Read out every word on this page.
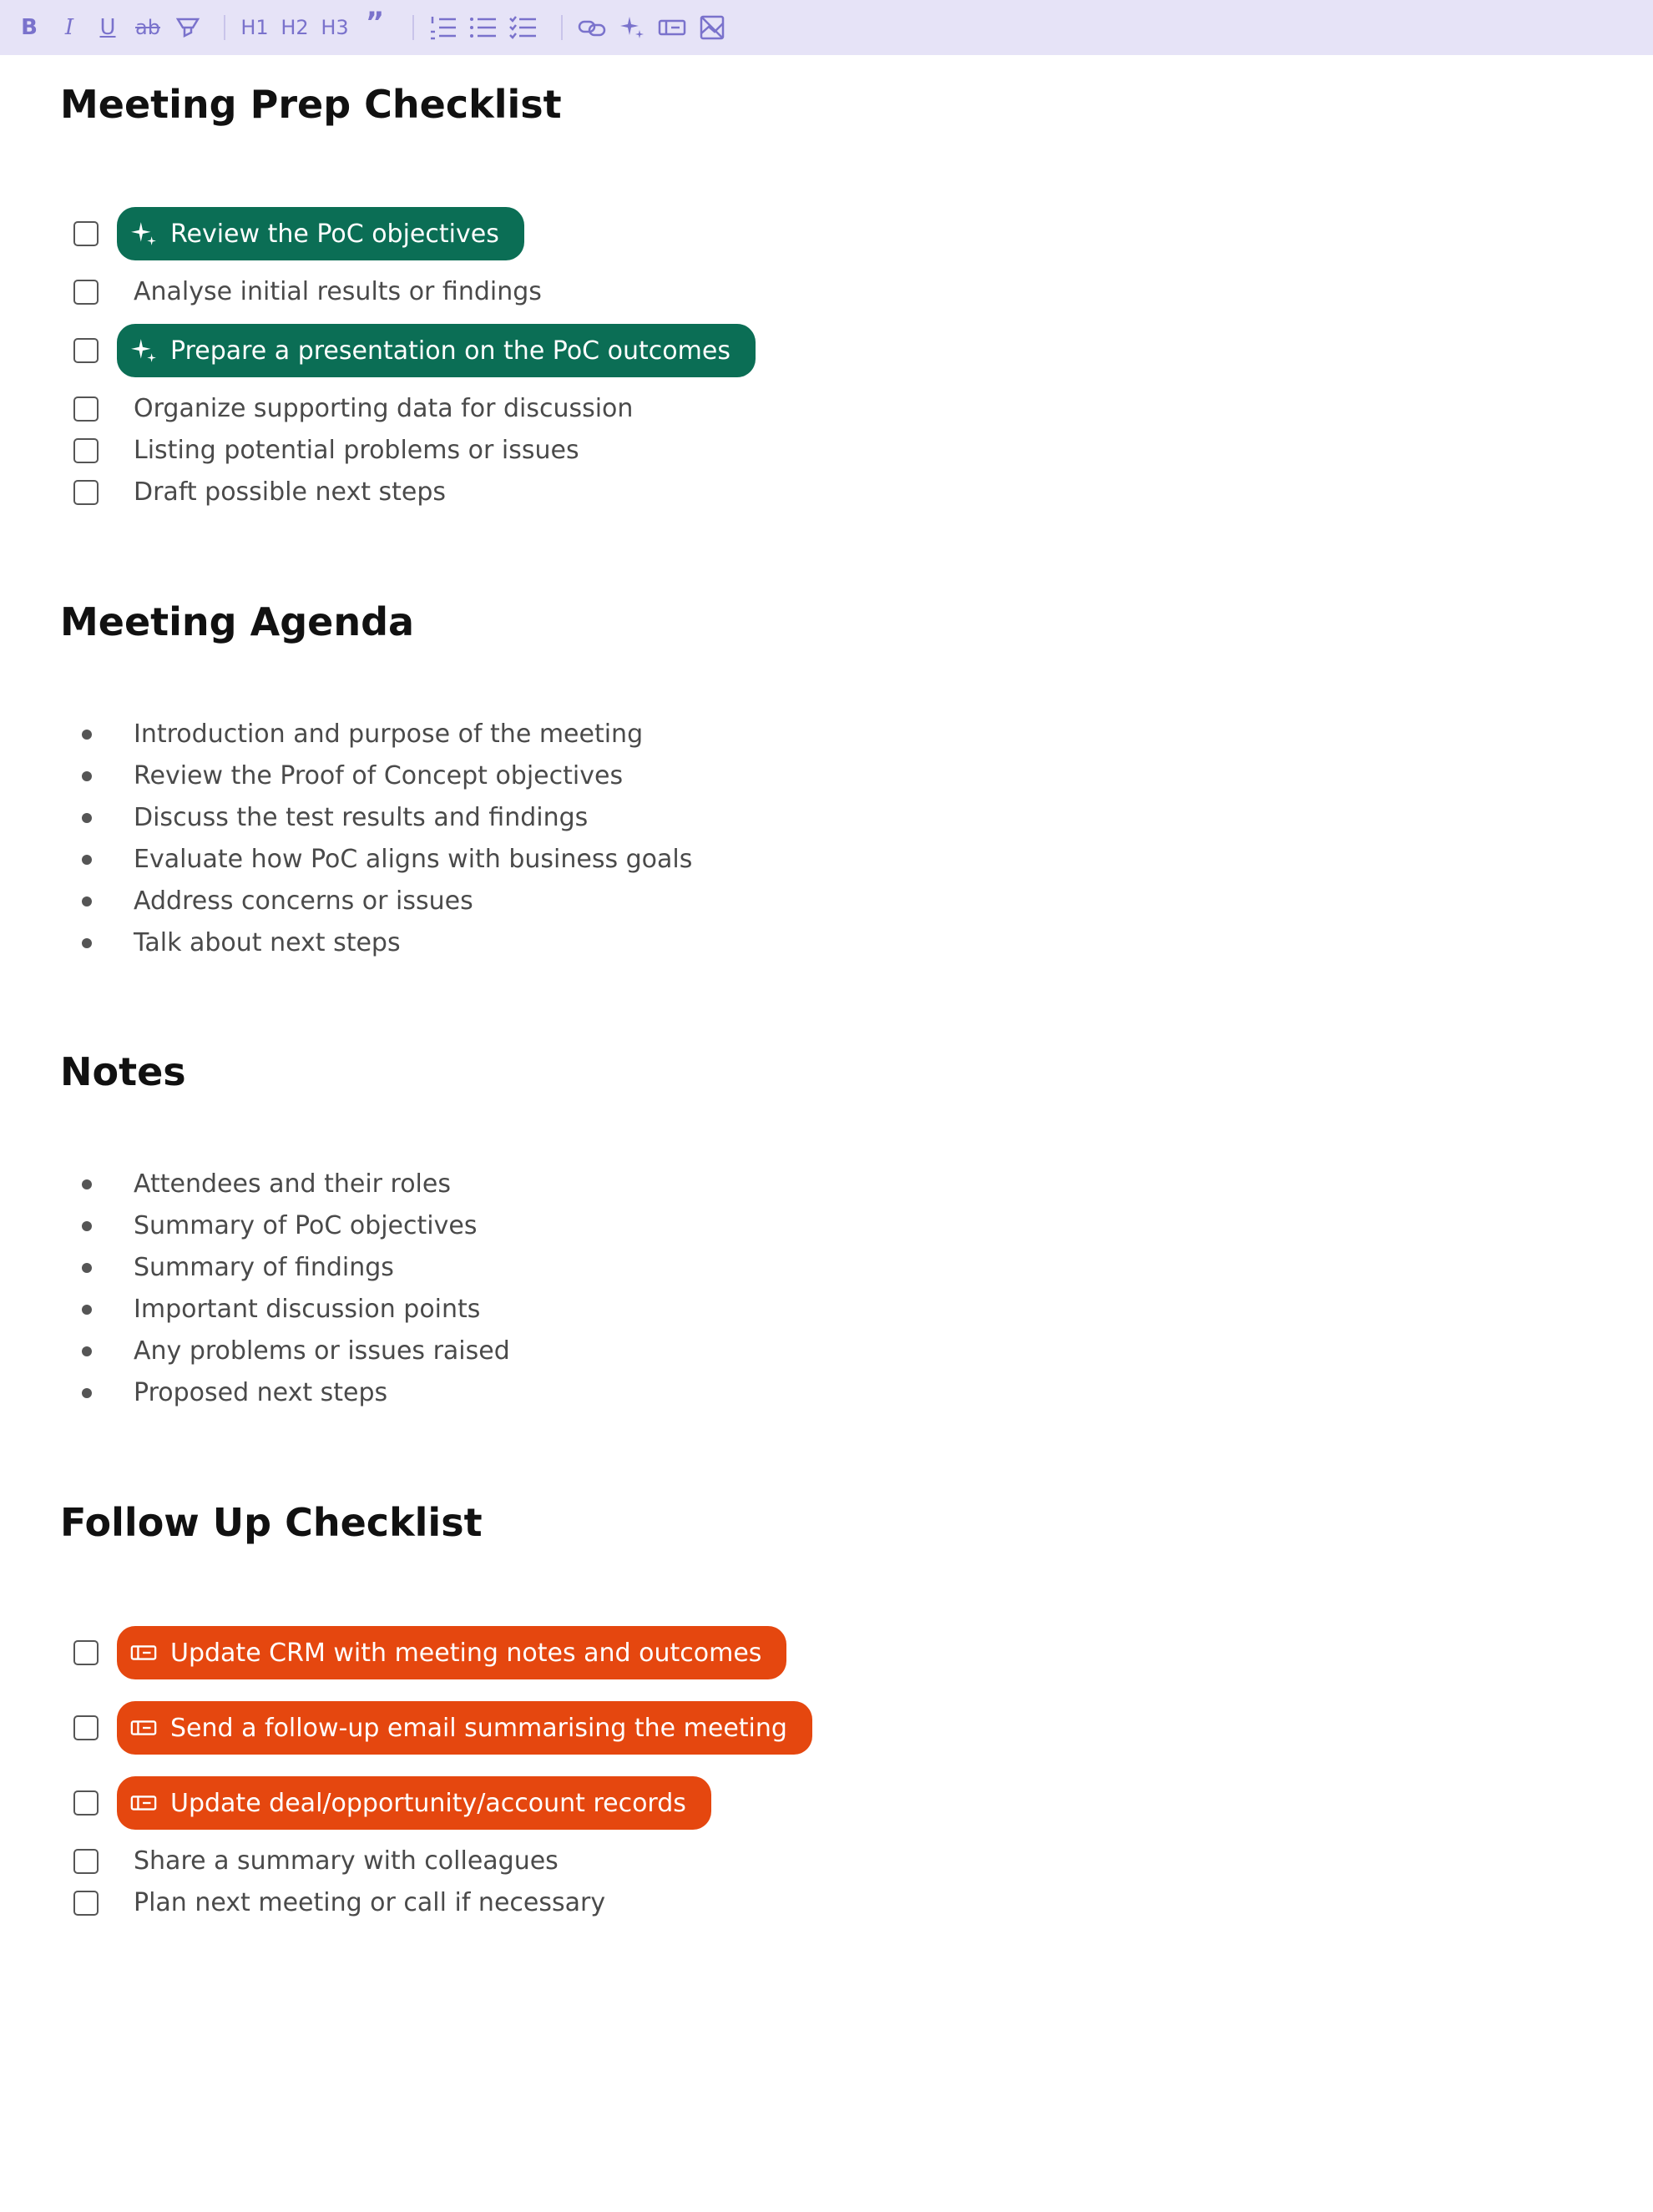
B I U ab	H1 H2 H3 ”
Meeting Prep Checklist
Review the PoC objectives
Analyse initial results or findings
Prepare a presentation on the PoC outcomes
Organize supporting data for discussion
Listing potential problems or issues
Draft possible next steps
Meeting Agenda
Introduction and purpose of the meeting
Review the Proof of Concept objectives
Discuss the test results and findings
Evaluate how PoC aligns with business goals
Address concerns or issues
Talk about next steps
Notes
Attendees and their roles
Summary of PoC objectives
Summary of findings
Important discussion points
Any problems or issues raised
Proposed next steps
Follow Up Checklist
Update CRM with meeting notes and outcomes
Send a follow-up email summarising the meeting
Update deal/opportunity/account records
Share a summary with colleagues
Plan next meeting or call if necessary
